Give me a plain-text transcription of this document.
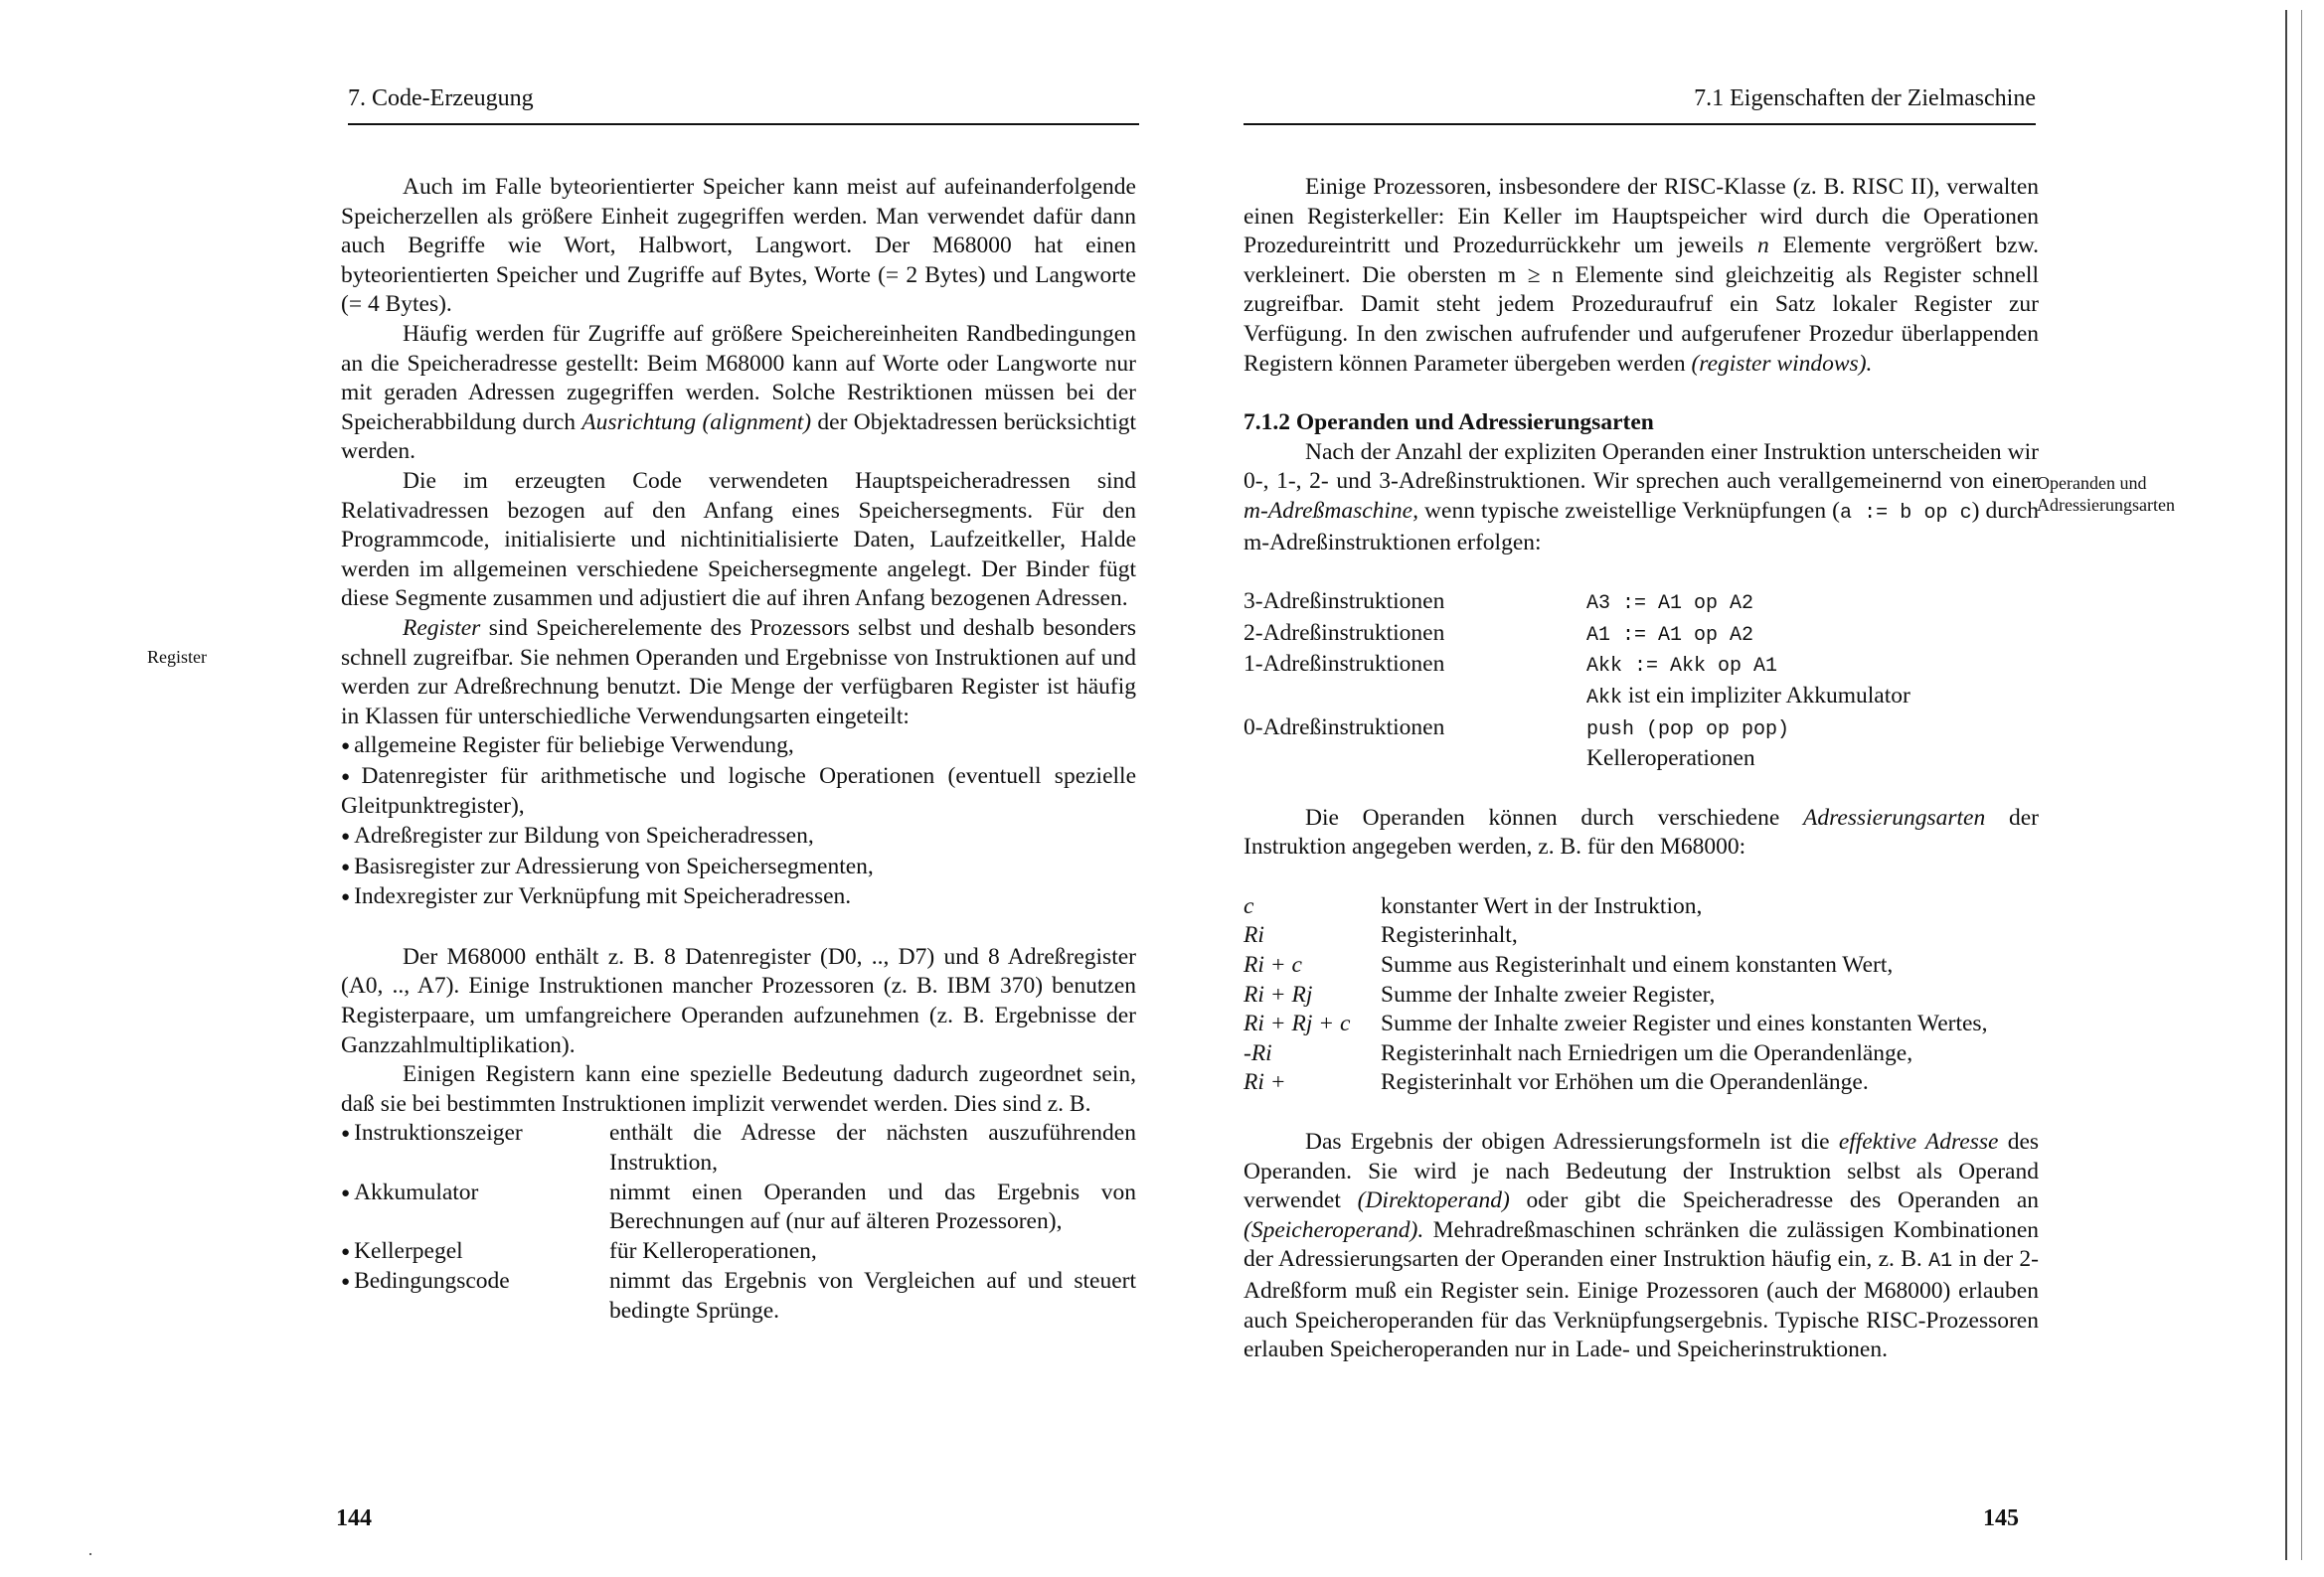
7. Code-Erzeugung
Register

Auch im Falle byteorientierter Speicher kann meist auf aufeinanderfolgende Speicherzellen als größere Einheit zugegriffen werden. Man verwendet dafür dann auch Begriffe wie Wort, Halbwort, Langwort. Der M68000 hat einen byteorientierten Speicher und Zugriffe auf Bytes, Worte (= 2 Bytes) und Langworte (= 4 Bytes).

Häufig werden für Zugriffe auf größere Speichereinheiten Randbedingungen an die Speicheradresse gestellt: Beim M68000 kann auf Worte oder Langworte nur mit geraden Adressen zugegriffen werden. Solche Restriktionen müssen bei der Speicherabbildung durch Ausrichtung (alignment) der Objektadressen berücksichtigt werden.

Die im erzeugten Code verwendeten Hauptspeicheradressen sind Relativadressen bezogen auf den Anfang eines Speichersegments. Für den Programmcode, initialisierte und nichtinitialisierte Daten, Laufzeitkeller, Halde werden im allgemeinen verschiedene Speichersegmente angelegt. Der Binder fügt diese Segmente zusammen und adjustiert die auf ihren Anfang bezogenen Adressen.

Register sind Speicherelemente des Prozessors selbst und deshalb besonders schnell zugreifbar. Sie nehmen Operanden und Ergebnisse von Instruktionen auf und werden zur Adreßrechnung benutzt. Die Menge der verfügbaren Register ist häufig in Klassen für unterschiedliche Verwendungsarten eingeteilt:

● allgemeine Register für beliebige Verwendung,
● Datenregister für arithmetische und logische Operationen (eventuell spezielle Gleitpunktregister),
● Adreßregister zur Bildung von Speicheradressen,
● Basisregister zur Adressierung von Speichersegmenten,
● Indexregister zur Verknüpfung mit Speicheradressen.

Der M68000 enthält z. B. 8 Datenregister (D0, .., D7) und 8 Adreßregister (A0, .., A7). Einige Instruktionen mancher Prozessoren (z. B. IBM 370) benutzen Registerpaare, um umfangreichere Operanden aufzunehmen (z. B. Ergebnisse der Ganzzahlmultiplikation).

Einigen Registern kann eine spezielle Bedeutung dadurch zugeordnet sein, daß sie bei bestimmten Instruktionen implizit verwendet werden. Dies sind z. B.

● Instruktionszeiger	enthält die Adresse der nächsten auszuführenden Instruktion,
● Akkumulator	nimmt einen Operanden und das Ergebnis von Berechnungen auf (nur auf älteren Prozessoren),
● Kellerpegel	für Kelleroperationen,
● Bedingungscode	nimmt das Ergebnis von Vergleichen auf und steuert bedingte Sprünge.
144
·
7.1 Eigenschaften der Zielmaschine
Operanden und Adressierungsarten

Einige Prozessoren, insbesondere der RISC-Klasse (z. B. RISC II), verwalten einen Registerkeller: Ein Keller im Hauptspeicher wird durch die Operationen Prozedureintritt und Prozedurrückkehr um jeweils n Elemente vergrößert bzw. verkleinert. Die obersten m ≥ n Elemente sind gleichzeitig als Register schnell zugreifbar. Damit steht jedem Prozeduraufruf ein Satz lokaler Register zur Verfügung. In den zwischen aufrufender und aufgerufener Prozedur überlappenden Registern können Parameter übergeben werden (register windows).

7.1.2 Operanden und Adressierungsarten

Nach der Anzahl der expliziten Operanden einer Instruktion unterscheiden wir 0-, 1-, 2- und 3-Adreßinstruktionen. Wir sprechen auch verallgemeinernd von einer m-Adreßmaschine, wenn typische zweistellige Verknüpfungen (a := b op c) durch m-Adreßinstruktionen erfolgen:

3-Adreßinstruktionen	A3 := A1 op A2
2-Adreßinstruktionen	A1 := A1 op A2
1-Adreßinstruktionen	Akk := Akk op A1
Akk ist ein impliziter Akkumulator
0-Adreßinstruktionen	push (pop op pop)
Kelleroperationen

Die Operanden können durch verschiedene Adressierungsarten der Instruktion angegeben werden, z. B. für den M68000:

c	konstanter Wert in der Instruktion,
Ri	Registerinhalt,
Ri + c	Summe aus Registerinhalt und einem konstanten Wert,
Ri + Rj	Summe der Inhalte zweier Register,
Ri + Rj + c	Summe der Inhalte zweier Register und eines konstanten Wertes,
-Ri	Registerinhalt nach Erniedrigen um die Operandenlänge,
Ri +	Registerinhalt vor Erhöhen um die Operandenlänge.

Das Ergebnis der obigen Adressierungsformeln ist die effektive Adresse des Operanden. Sie wird je nach Bedeutung der Instruktion selbst als Operand verwendet (Direktoperand) oder gibt die Speicheradresse des Operanden an (Speicheroperand). Mehradreßmaschinen schränken die zulässigen Kombinationen der Adressierungsarten der Operanden einer Instruktion häufig ein, z. B. A1 in der 2-Adreßform muß ein Register sein. Einige Prozessoren (auch der M68000) erlauben auch Speicheroperanden für das Verknüpfungsergebnis. Typische RISC-Prozessoren erlauben Speicheroperanden nur in Lade- und Speicherinstruktionen.

145
